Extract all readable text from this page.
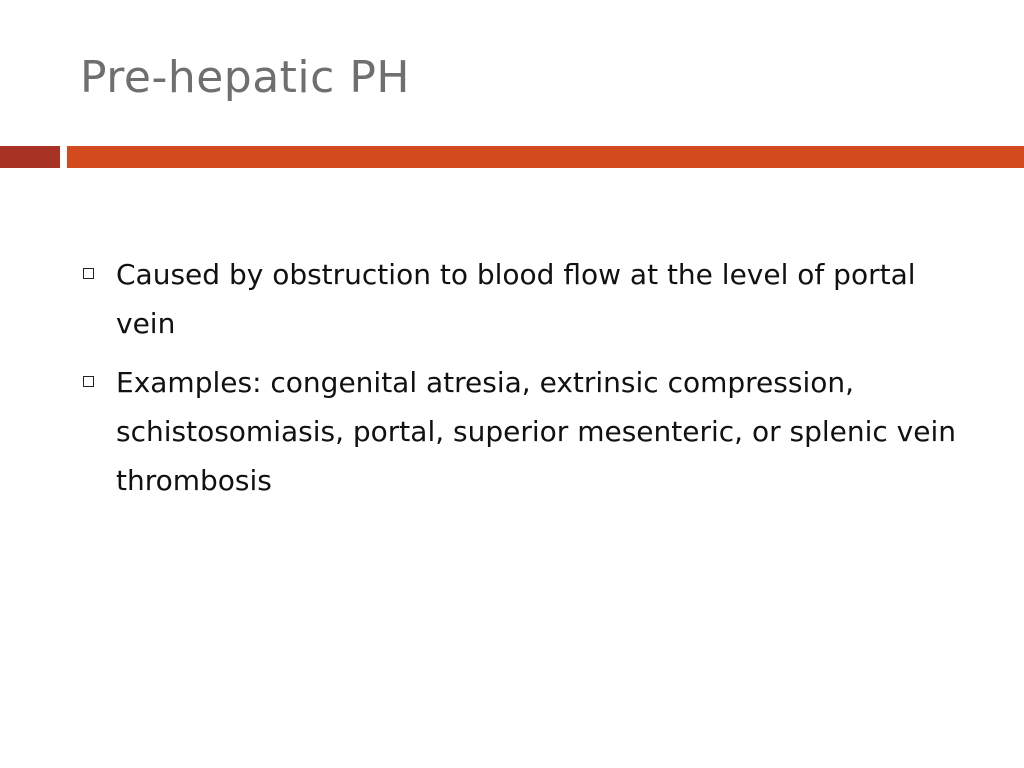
Pre-hepatic PH
Caused by obstruction to blood flow at the level of portal vein
Examples: congenital atresia, extrinsic compression, schistosomiasis, portal, superior mesenteric, or splenic vein thrombosis
